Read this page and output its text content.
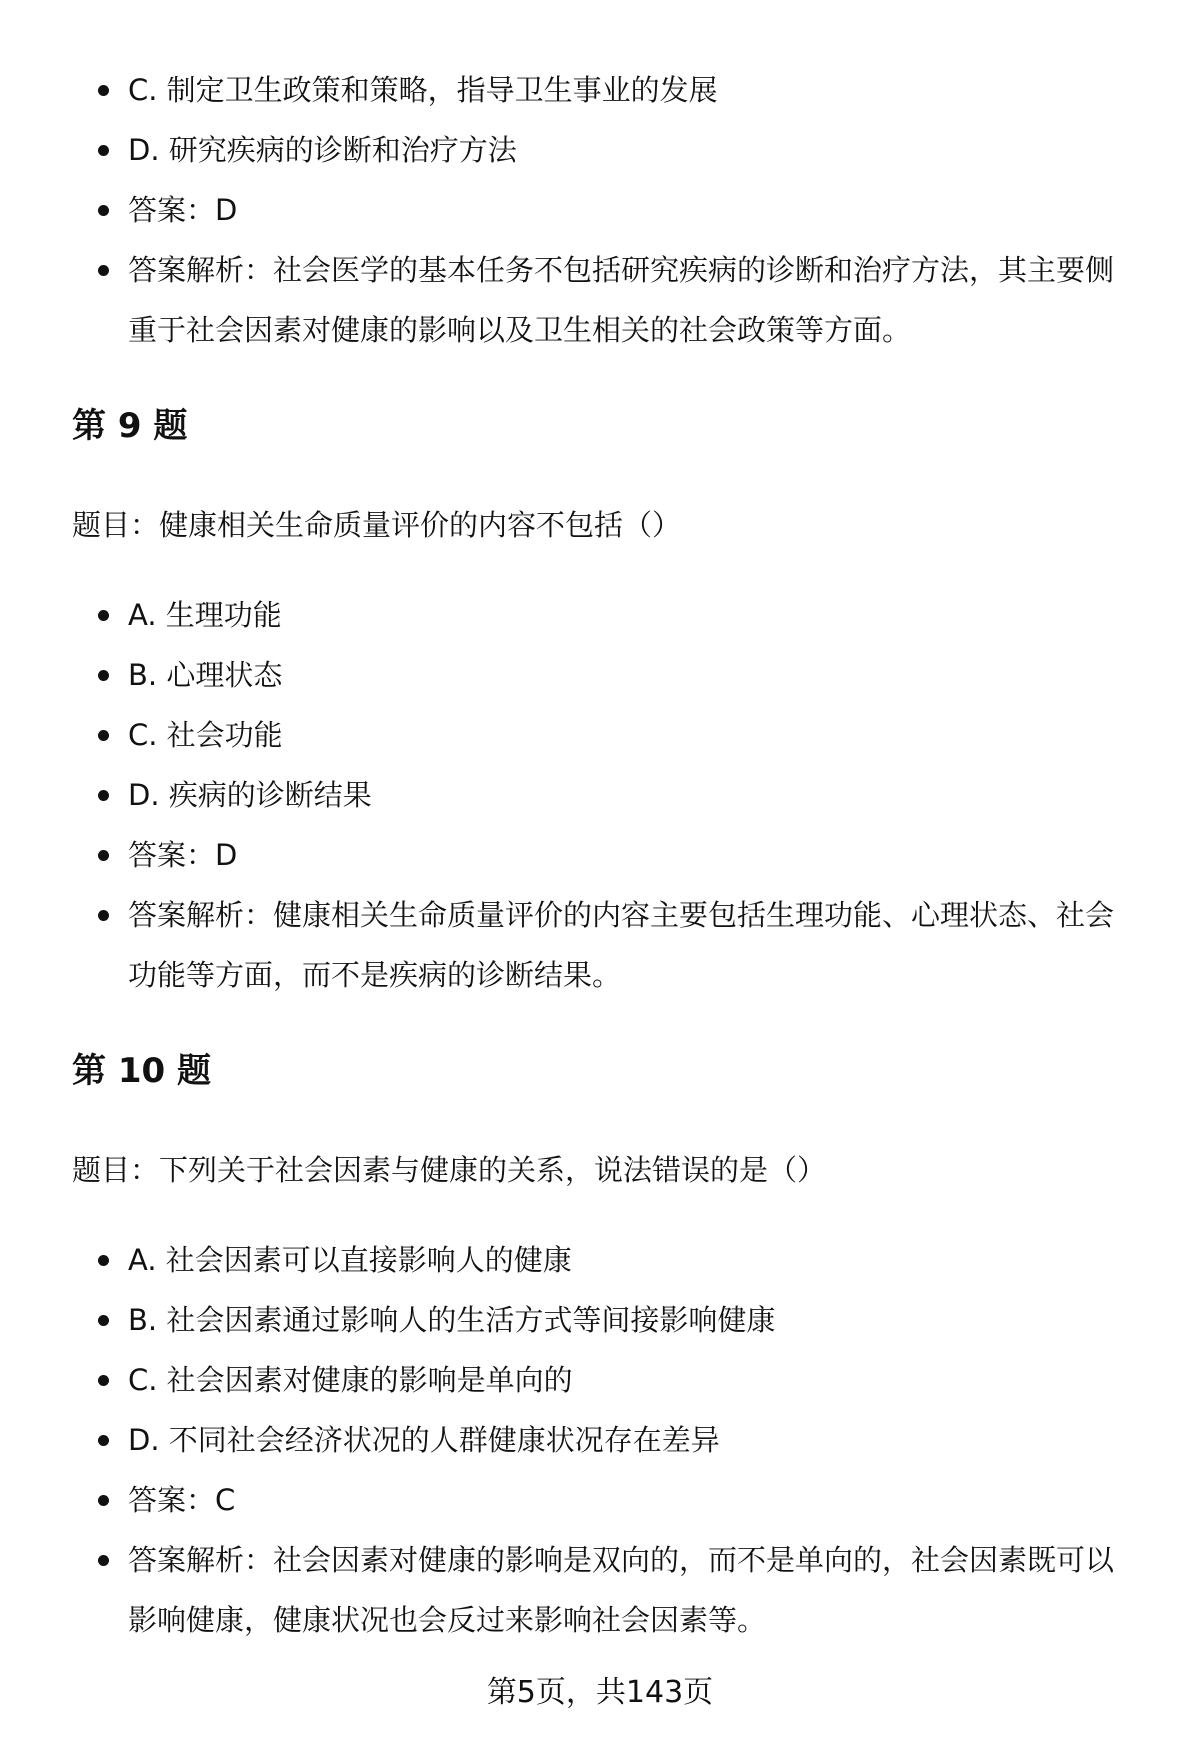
C. 制定卫生政策和策略，指导卫生事业的发展
D. 研究疾病的诊断和治疗方法
答案：D
答案解析：社会医学的基本任务不包括研究疾病的诊断和治疗方法，其主要侧重于社会因素对健康的影响以及卫生相关的社会政策等方面。
第 9 题
题目：健康相关生命质量评价的内容不包括（）
A. 生理功能
B. 心理状态
C. 社会功能
D. 疾病的诊断结果
答案：D
答案解析：健康相关生命质量评价的内容主要包括生理功能、心理状态、社会功能等方面，而不是疾病的诊断结果。
第 10 题
题目：下列关于社会因素与健康的关系，说法错误的是（）
A. 社会因素可以直接影响人的健康
B. 社会因素通过影响人的生活方式等间接影响健康
C. 社会因素对健康的影响是单向的
D. 不同社会经济状况的人群健康状况存在差异
答案：C
答案解析：社会因素对健康的影响是双向的，而不是单向的，社会因素既可以影响健康，健康状况也会反过来影响社会因素等。
第5页，共143页
